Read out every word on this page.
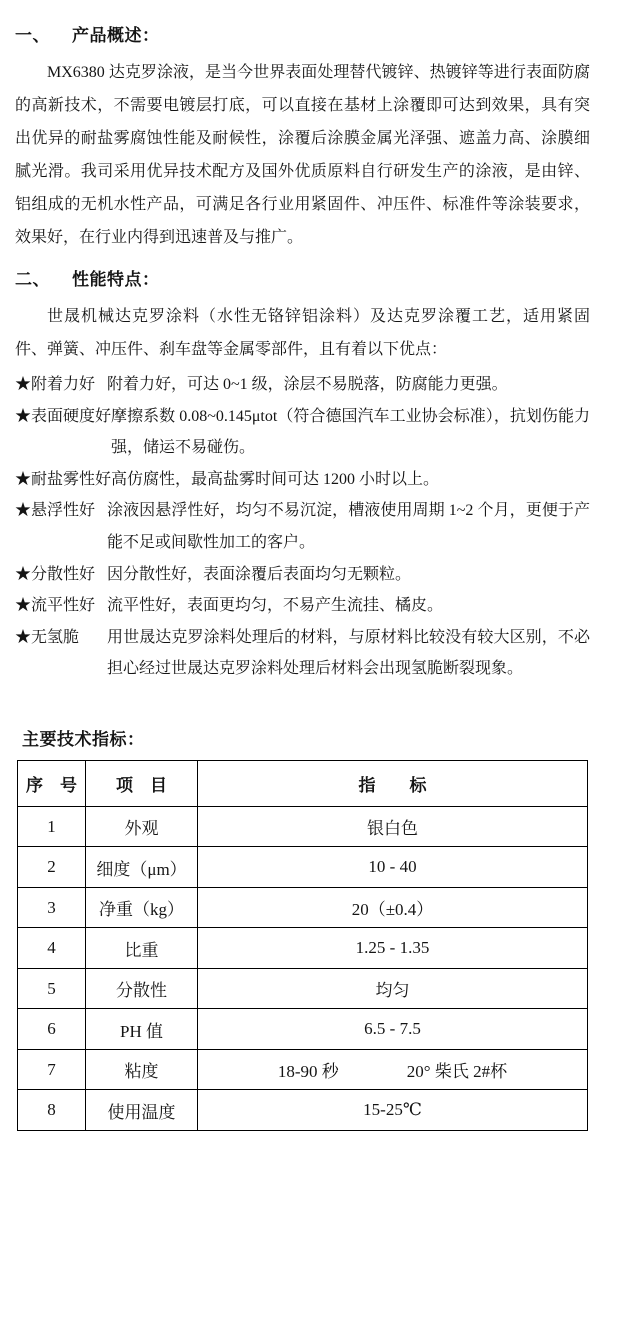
一、 产品概述：

MX6380 达克罗涂液，是当今世界表面处理替代镀锌、热镀锌等进行表面防腐的高新技术，不需要电镀层打底，可以直接在基材上涂覆即可达到效果，具有突出优异的耐盐雾腐蚀性能及耐候性，涂覆后涂膜金属光泽强、遮盖力高、涂膜细腻光滑。我司采用优异技术配方及国外优质原料自行研发生产的涂液，是由锌、铝组成的无机水性产品，可满足各行业用紧固件、冲压件、标准件等涂装要求，效果好，在行业内得到迅速普及与推广。

二、 性能特点：

世晟机械达克罗涂料（水性无铬锌铝涂料）及达克罗涂覆工艺，适用紧固件、弹簧、冲压件、刹车盘等金属零部件，且有着以下优点：

★附着力好 附着力好，可达 0~1 级，涂层不易脱落，防腐能力更强。
★表面硬度好 摩擦系数 0.08~0.145μtot（符合德国汽车工业协会标准），抗划伤能力强，储运不易碰伤。
★耐盐雾性好 高仿腐性，最高盐雾时间可达 1200 小时以上。
★悬浮性好 涂液因悬浮性好，均匀不易沉淀，槽液使用周期 1~2 个月，更便于产能不足或间歇性加工的客户。
★分散性好 因分散性好，表面涂覆后表面均匀无颗粒。
★流平性好 流平性好，表面更均匀，不易产生流挂、橘皮。
★无氢脆	用世晟达克罗涂料处理后的材料，与原材料比较没有较大区别，不必担心经过世晟达克罗涂料处理后材料会出现氢脆断裂现象。
主要技术指标：
序　号	项　目	指　　标
1	外观	银白色
2	细度（μm）	10 - 40
3	净重（kg）	20（±0.4）
4	比重	1.25 - 1.35
5	分散性	均匀
6	PH 值	6.5 - 7.5
7	粘度	18-90 秒　　　　20° 柴氏 2#杯
8	使用温度	15-25℃
